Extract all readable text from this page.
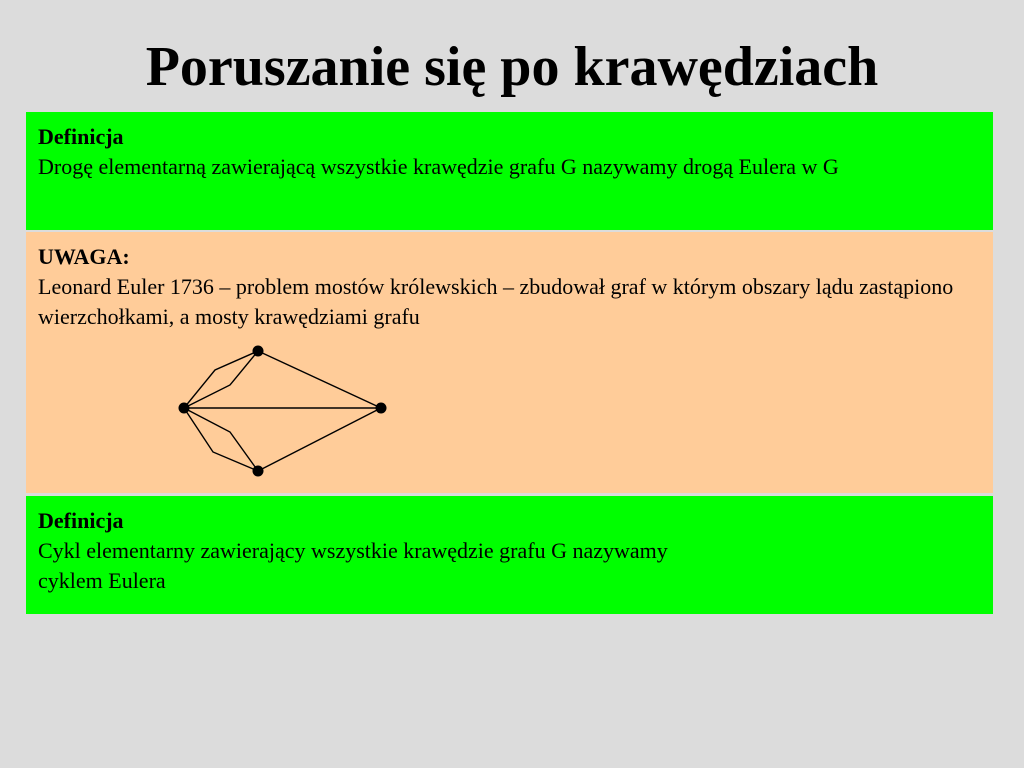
Poruszanie się po krawędziach
Definicja
Drogę elementarną zawierającą wszystkie krawędzie grafu G nazywamy drogą Eulera w G
UWAGA:
Leonard Euler 1736 – problem mostów królewskich – zbudował graf w którym obszary lądu zastąpiono wierzchołkami, a mosty krawędziami grafu
Definicja
Cykl elementarny zawierający wszystkie krawędzie grafu G nazywamy
cyklem Eulera
